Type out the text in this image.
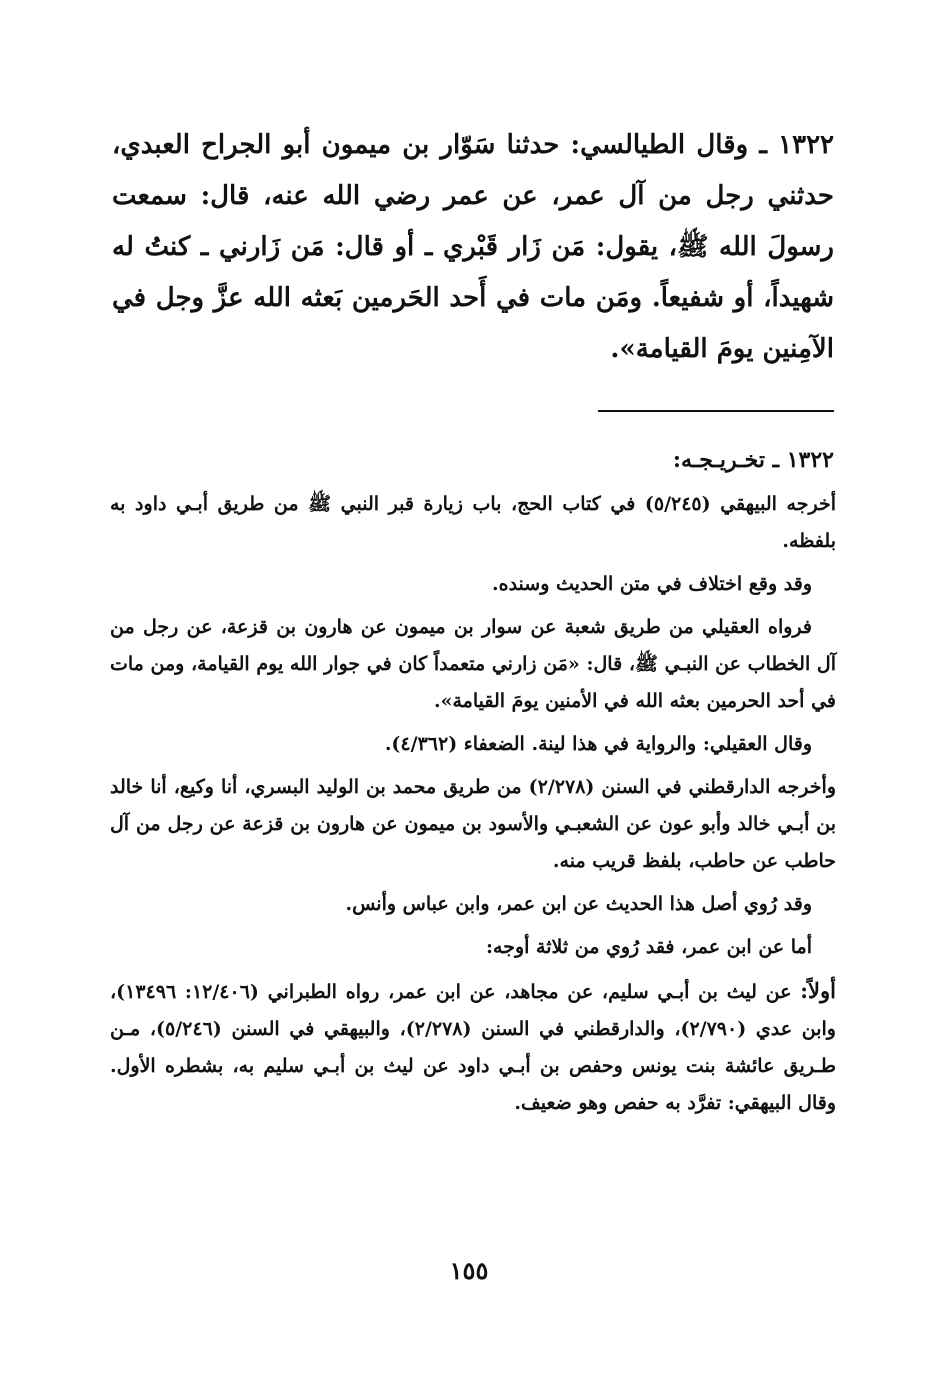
١٣٢٢ ـ وقال الطيالسي: حدثنا سَوّار بن ميمون أبو الجراح العبدي، حدثني رجل من آل عمر، عن عمر رضي الله عنه، قال: سمعت رسولَ الله ﷺ، يقول: مَن زَار قَبْري ـ أو قال: مَن زَارني ـ كنتُ له شهيداً، أو شفيعاً. ومَن مات في أَحد الحَرمين بَعثه الله عزَّ وجل في الآمِنين يومَ القيامة».
١٣٢٢ ـ تخـريـجـه:

أخرجه البيهقي (٥/٢٤٥) في كتاب الحج، باب زيارة قبر النبي ﷺ من طريق أبـي داود به بلفظه.

وقد وقع اختلاف في متن الحديث وسنده.

فرواه العقيلي من طريق شعبة عن سوار بن ميمون عن هارون بن قزعة، عن رجل من آل الخطاب عن النبـي ﷺ، قال: «مَن زارني متعمداً كان في جوار الله يوم القيامة، ومن مات في أحد الحرمين بعثه الله في الأمنين يومَ القيامة».

وقال العقيلي: والرواية في هذا لينة. الضعفاء (٤/٣٦٢).

وأخرجه الدارقطني في السنن (٢/٢٧٨) من طريق محمد بن الوليد البسري، أنا وكيع، أنا خالد بن أبـي خالد وأبو عون عن الشعبـي والأسود بن ميمون عن هارون بن قزعة عن رجل من آل حاطب عن حاطب، بلفظ قريب منه.

وقد رُوي أصل هذا الحديث عن ابن عمر، وابن عباس وأنس.

أما عن ابن عمر، فقد رُوي من ثلاثة أوجه:

أولاً: عن ليث بن أبـي سليم، عن مجاهد، عن ابن عمر، رواه الطبراني (١٢/٤٠٦: ١٣٤٩٦)، وابن عدي (٢/٧٩٠)، والدارقطني في السنن (٢/٢٧٨)، والبيهقي في السنن (٥/٢٤٦)، مـن طـريق عائشة بنت يونس وحفص بن أبـي داود عن ليث بن أبـي سليم به، بشطره الأول. وقال البيهقي: تفرَّد به حفص وهو ضعيف.

١٥٥
